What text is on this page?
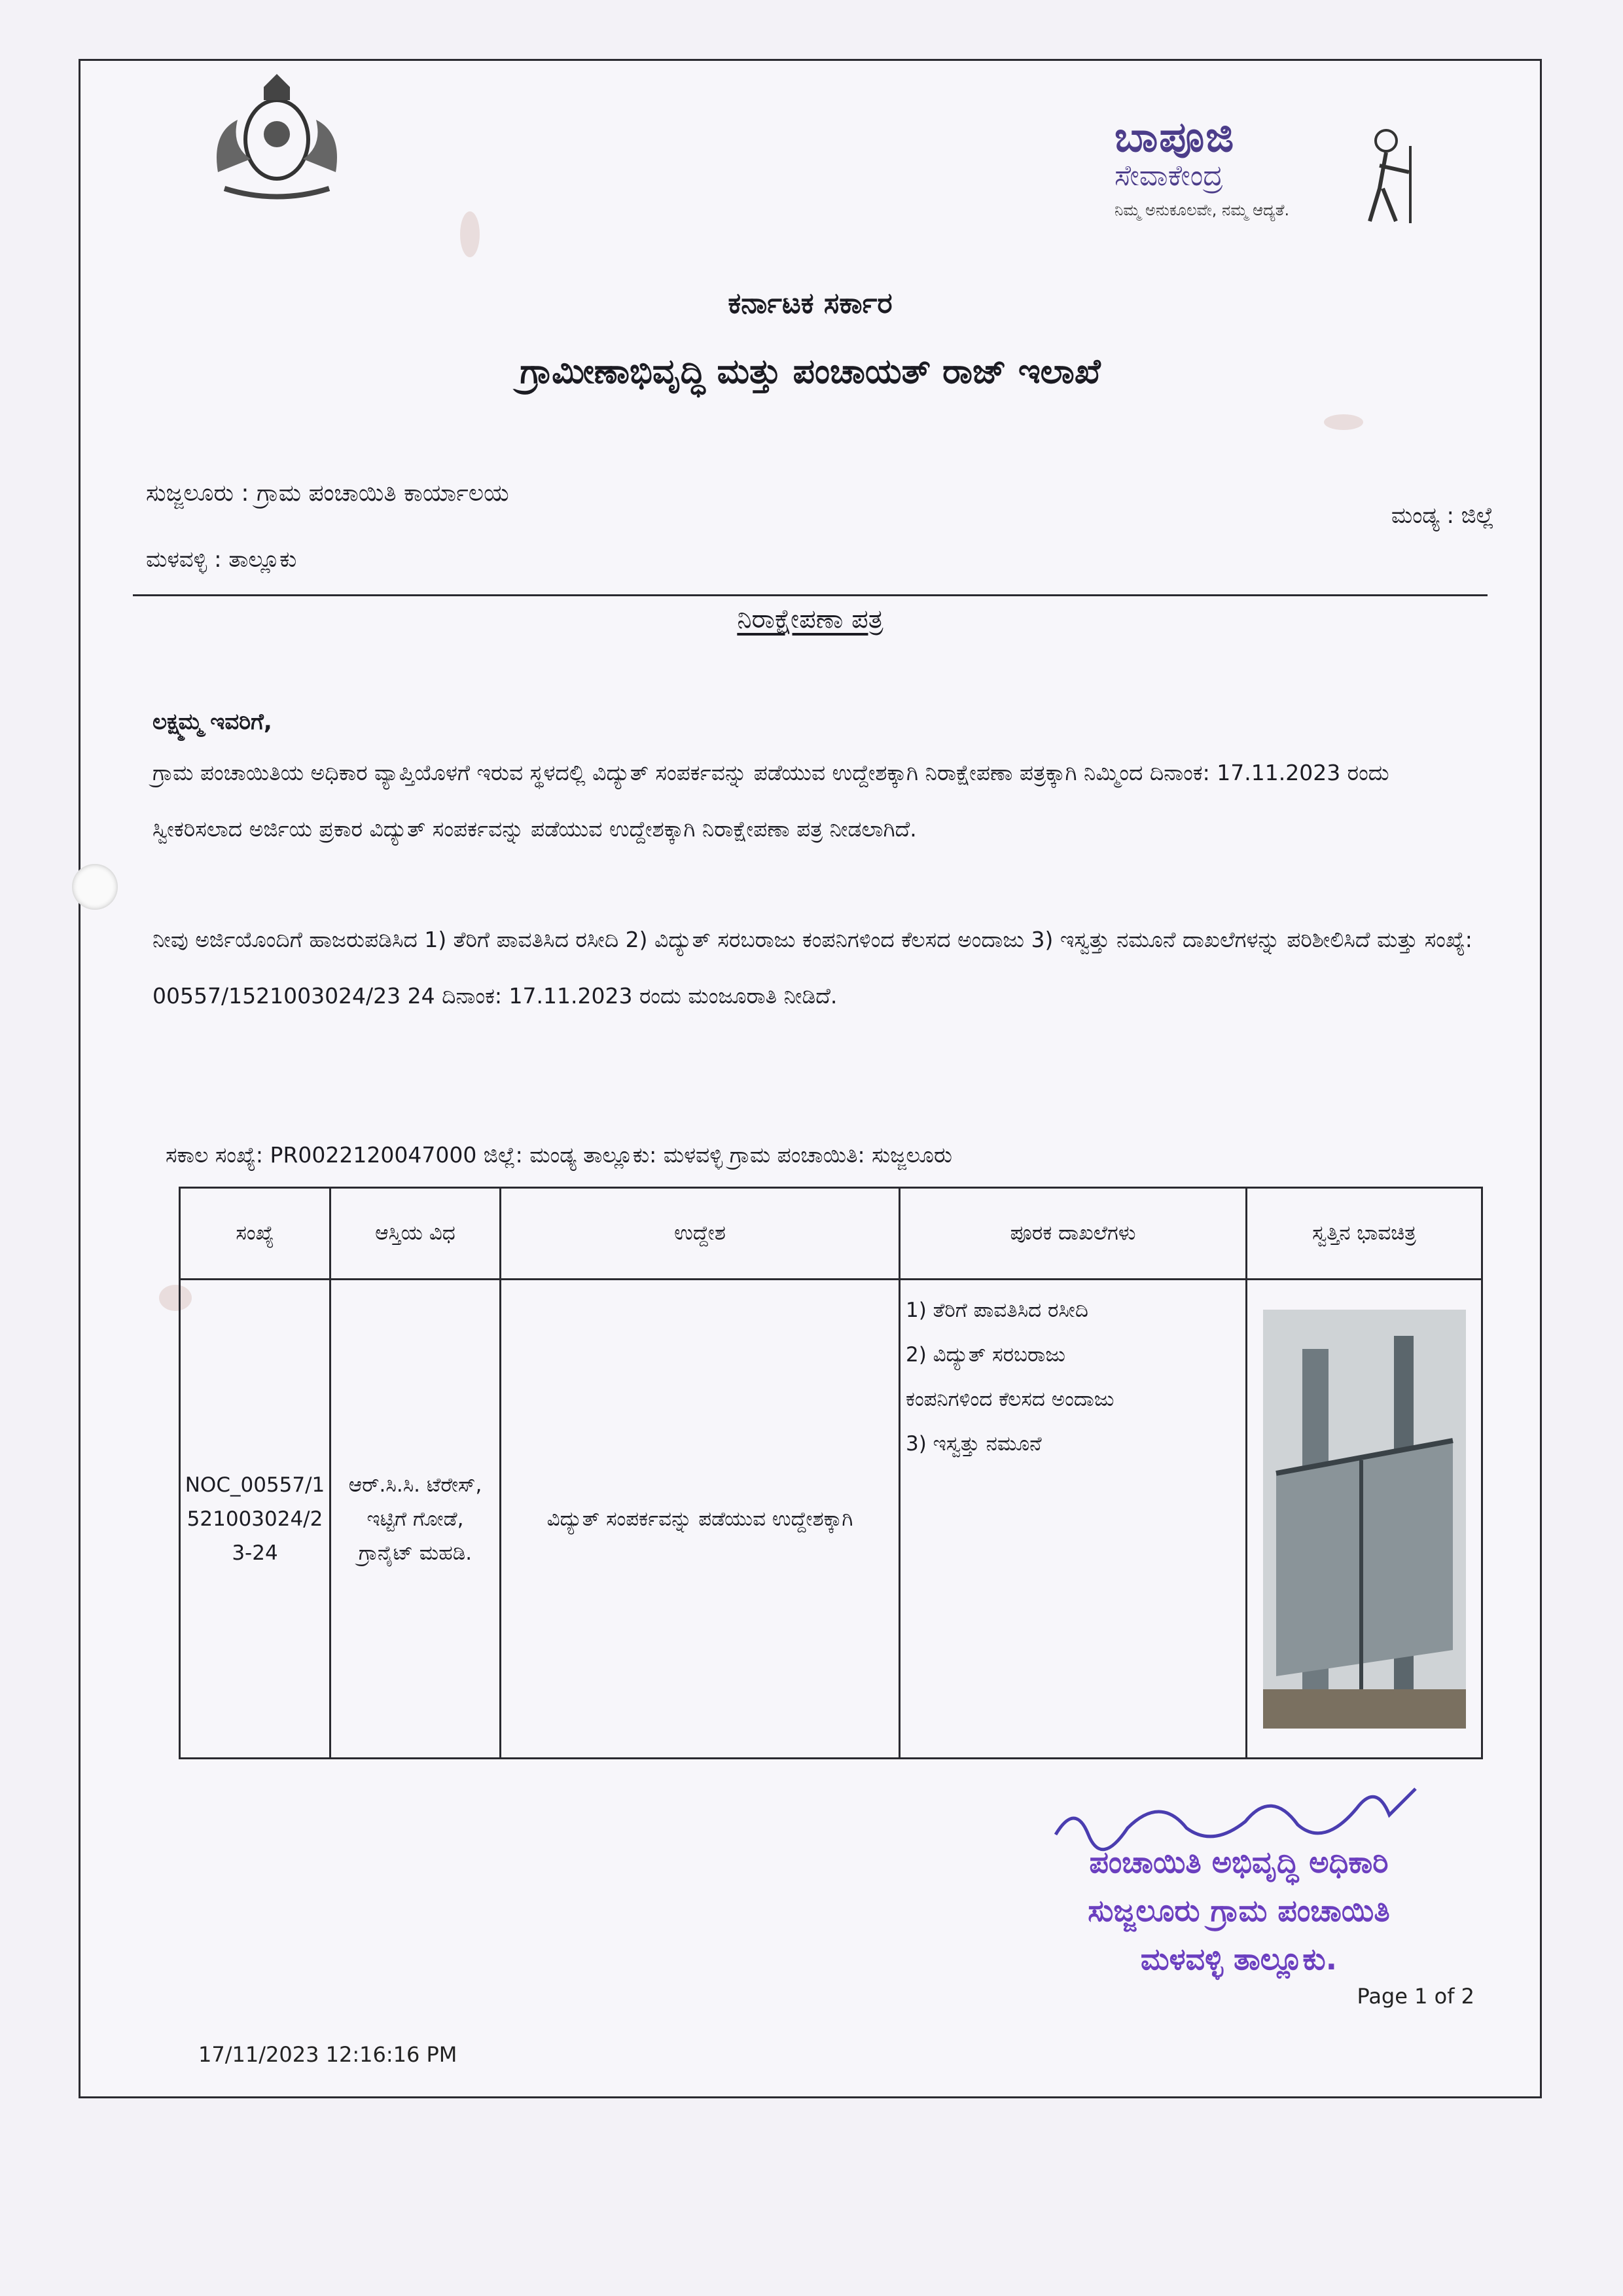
ಬಾಪೂಜಿ
ಸೇವಾಕೇಂದ್ರ
ನಿಮ್ಮ ಅನುಕೂಲವೇ, ನಮ್ಮ ಆದ್ಯತೆ.
ಕರ್ನಾಟಕ ಸರ್ಕಾರ
ಗ್ರಾಮೀಣಾಭಿವೃದ್ಧಿ ಮತ್ತು ಪಂಚಾಯತ್ ರಾಜ್ ಇಲಾಖೆ
ಸುಜ್ಜಲೂರು : ಗ್ರಾಮ ಪಂಚಾಯಿತಿ ಕಾರ್ಯಾಲಯ
ಮಂಡ್ಯ : ಜಿಲ್ಲೆ
ಮಳವಳ್ಳಿ : ತಾಲ್ಲೂಕು
ನಿರಾಕ್ಷೇಪಣಾ ಪತ್ರ
ಲಕ್ಷ್ಮಮ್ಮ ಇವರಿಗೆ,
ಗ್ರಾಮ ಪಂಚಾಯಿತಿಯ ಅಧಿಕಾರ ವ್ಯಾಪ್ತಿಯೊಳಗೆ ಇರುವ ಸ್ಥಳದಲ್ಲಿ ವಿದ್ಯುತ್ ಸಂಪರ್ಕವನ್ನು ಪಡೆಯುವ ಉದ್ದೇಶಕ್ಕಾಗಿ ನಿರಾಕ್ಷೇಪಣಾ ಪತ್ರಕ್ಕಾಗಿ ನಿಮ್ಮಿಂದ ದಿನಾಂಕ: 17.11.2023 ರಂದು ಸ್ವೀಕರಿಸಲಾದ ಅರ್ಜಿಯ ಪ್ರಕಾರ ವಿದ್ಯುತ್ ಸಂಪರ್ಕವನ್ನು ಪಡೆಯುವ ಉದ್ದೇಶಕ್ಕಾಗಿ ನಿರಾಕ್ಷೇಪಣಾ ಪತ್ರ ನೀಡಲಾಗಿದೆ.
ನೀವು ಅರ್ಜಿಯೊಂದಿಗೆ ಹಾಜರುಪಡಿಸಿದ 1) ತೆರಿಗೆ ಪಾವತಿಸಿದ ರಸೀದಿ 2) ವಿದ್ಯುತ್ ಸರಬರಾಜು ಕಂಪನಿಗಳಿಂದ ಕೆಲಸದ ಅಂದಾಜು 3) ಇಸ್ವತ್ತು ನಮೂನೆ ದಾಖಲೆಗಳನ್ನು ಪರಿಶೀಲಿಸಿದೆ ಮತ್ತು ಸಂಖ್ಯೆ: 00557/1521003024/23 24 ದಿನಾಂಕ: 17.11.2023 ರಂದು ಮಂಜೂರಾತಿ ನೀಡಿದೆ.
ಸಕಾಲ ಸಂಖ್ಯೆ: PR0022120047000 ಜಿಲ್ಲೆ: ಮಂಡ್ಯ ತಾಲ್ಲೂಕು: ಮಳವಳ್ಳಿ ಗ್ರಾಮ ಪಂಚಾಯಿತಿ: ಸುಜ್ಜಲೂರು
ಸಂಖ್ಯೆ	ಆಸ್ತಿಯ ವಿಧ	ಉದ್ದೇಶ	ಪೂರಕ ದಾಖಲೆಗಳು	ಸ್ವತ್ತಿನ ಭಾವಚಿತ್ರ
NOC_00557/1521003024/23-24	ಆರ್.ಸಿ.ಸಿ. ಟೆರೇಸ್, ಇಟ್ಟಿಗೆ ಗೋಡೆ, ಗ್ರಾನೈಟ್ ಮಹಡಿ.	ವಿದ್ಯುತ್ ಸಂಪರ್ಕವನ್ನು ಪಡೆಯುವ ಉದ್ದೇಶಕ್ಕಾಗಿ	1) ತೆರಿಗೆ ಪಾವತಿಸಿದ ರಸೀದಿ
2) ವಿದ್ಯುತ್ ಸರಬರಾಜು
ಕಂಪನಿಗಳಿಂದ ಕೆಲಸದ ಅಂದಾಜು
3) ಇಸ್ವತ್ತು ನಮೂನೆ

ಪಂಚಾಯಿತಿ ಅಭಿವೃದ್ಧಿ ಅಧಿಕಾರಿ
ಸುಜ್ಜಲೂರು ಗ್ರಾಮ ಪಂಚಾಯಿತಿ
ಮಳವಳ್ಳಿ ತಾಲ್ಲೂಕು.
Page 1 of 2
17/11/2023 12:16:16 PM
